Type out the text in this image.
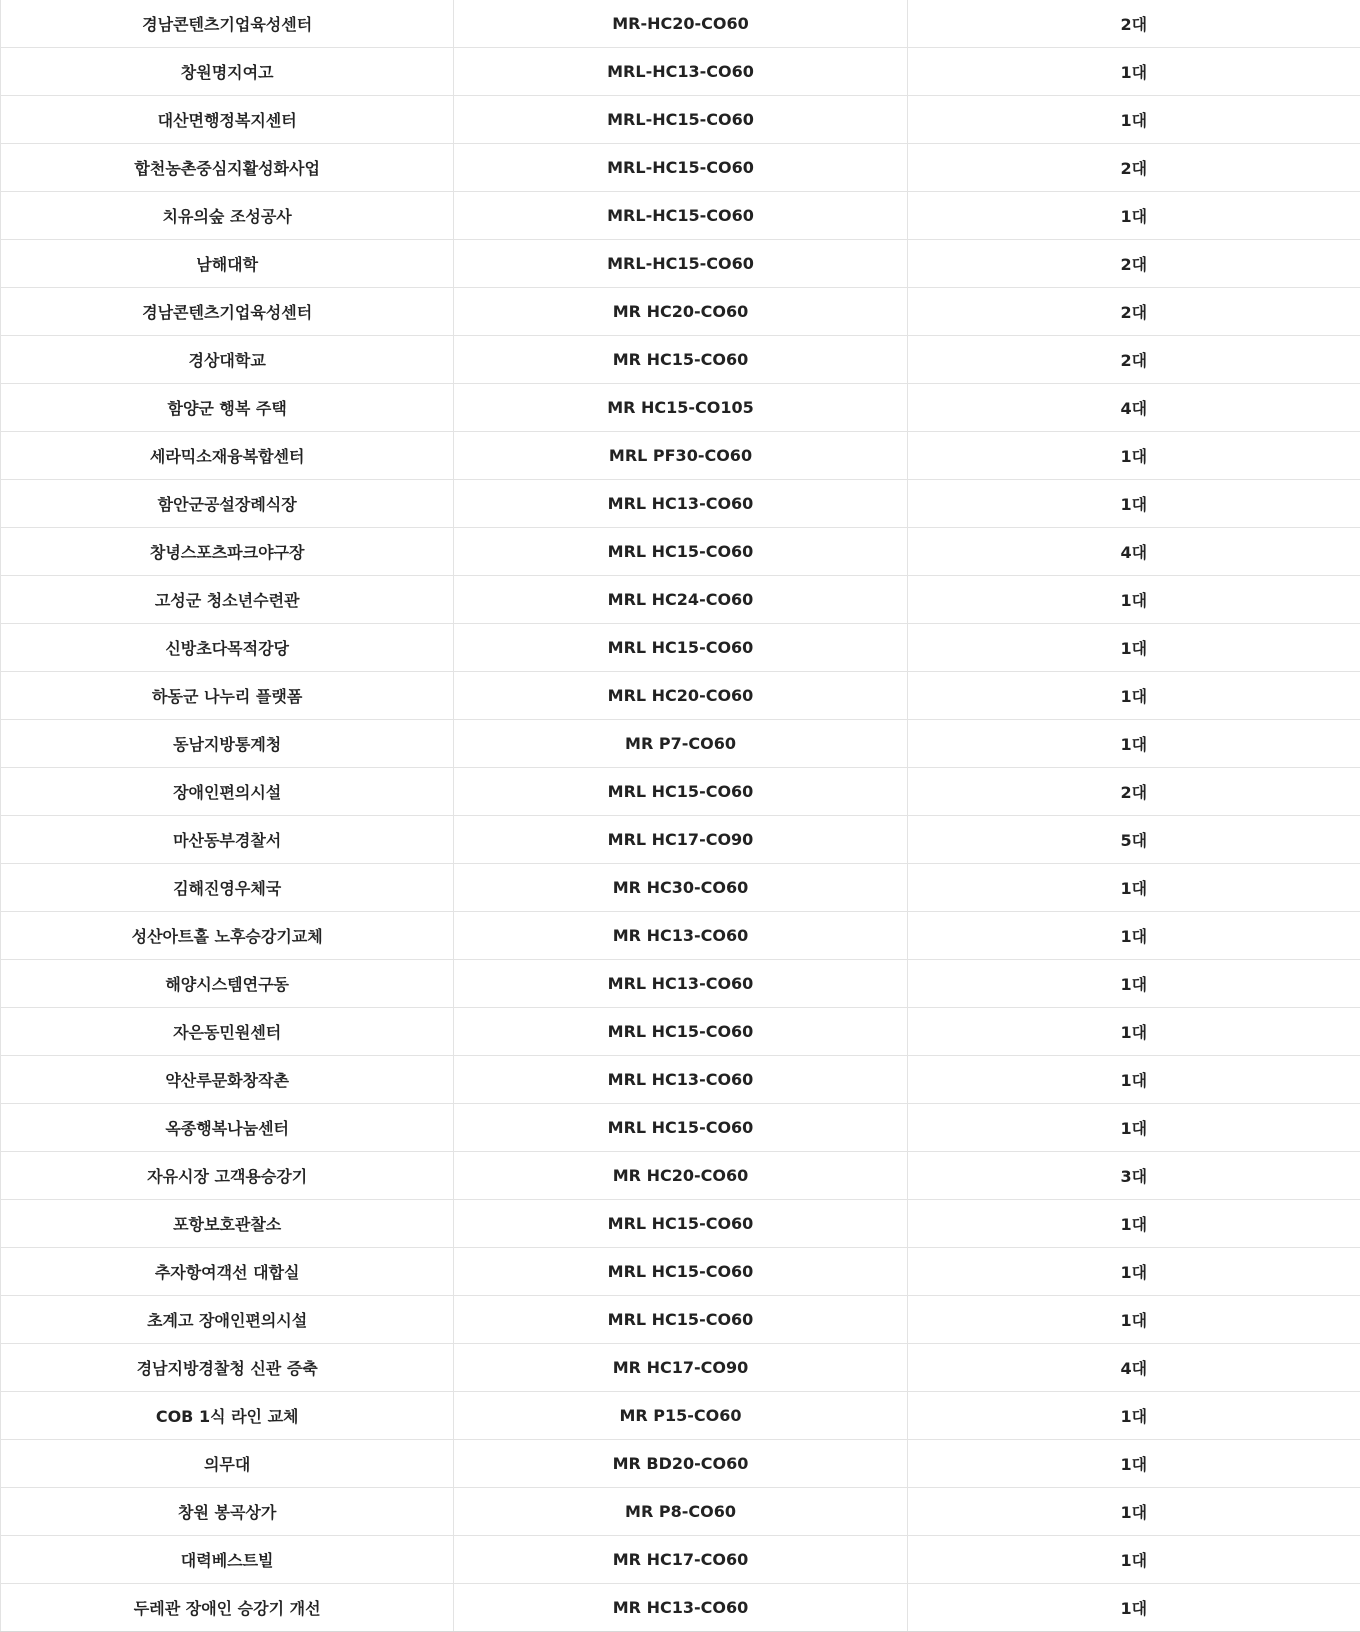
경남콘텐츠기업육성센터	MR-HC20-CO60	2대
창원명지여고	MRL-HC13-CO60	1대
대산면행정복지센터	MRL-HC15-CO60	1대
합천농촌중심지활성화사업	MRL-HC15-CO60	2대
치유의숲 조성공사	MRL-HC15-CO60	1대
남해대학	MRL-HC15-CO60	2대
경남콘텐츠기업육성센터	MR HC20-CO60	2대
경상대학교	MR HC15-CO60	2대
함양군 행복 주택	MR HC15-CO105	4대
세라믹소재융복합센터	MRL PF30-CO60	1대
함안군공설장례식장	MRL HC13-CO60	1대
창녕스포츠파크야구장	MRL HC15-CO60	4대
고성군 청소년수련관	MRL HC24-CO60	1대
신방초다목적강당	MRL HC15-CO60	1대
하동군 나누리 플랫폼	MRL HC20-CO60	1대
동남지방통계청	MR P7-CO60	1대
장애인편의시설	MRL HC15-CO60	2대
마산동부경찰서	MRL HC17-CO90	5대
김해진영우체국	MR HC30-CO60	1대
성산아트홀 노후승강기교체	MR HC13-CO60	1대
해양시스템연구동	MRL HC13-CO60	1대
자은동민원센터	MRL HC15-CO60	1대
약산루문화창작촌	MRL HC13-CO60	1대
옥종행복나눔센터	MRL HC15-CO60	1대
자유시장 고객용승강기	MR HC20-CO60	3대
포항보호관찰소	MRL HC15-CO60	1대
추자항여객선 대합실	MRL HC15-CO60	1대
초계고 장애인편의시설	MRL HC15-CO60	1대
경남지방경찰청 신관 증축	MR HC17-CO90	4대
COB 1식 라인 교체	MR P15-CO60	1대
의무대	MR BD20-CO60	1대
창원 봉곡상가	MR P8-CO60	1대
대력베스트빌	MR HC17-CO60	1대
두레관 장애인 승강기 개선	MR HC13-CO60	1대
